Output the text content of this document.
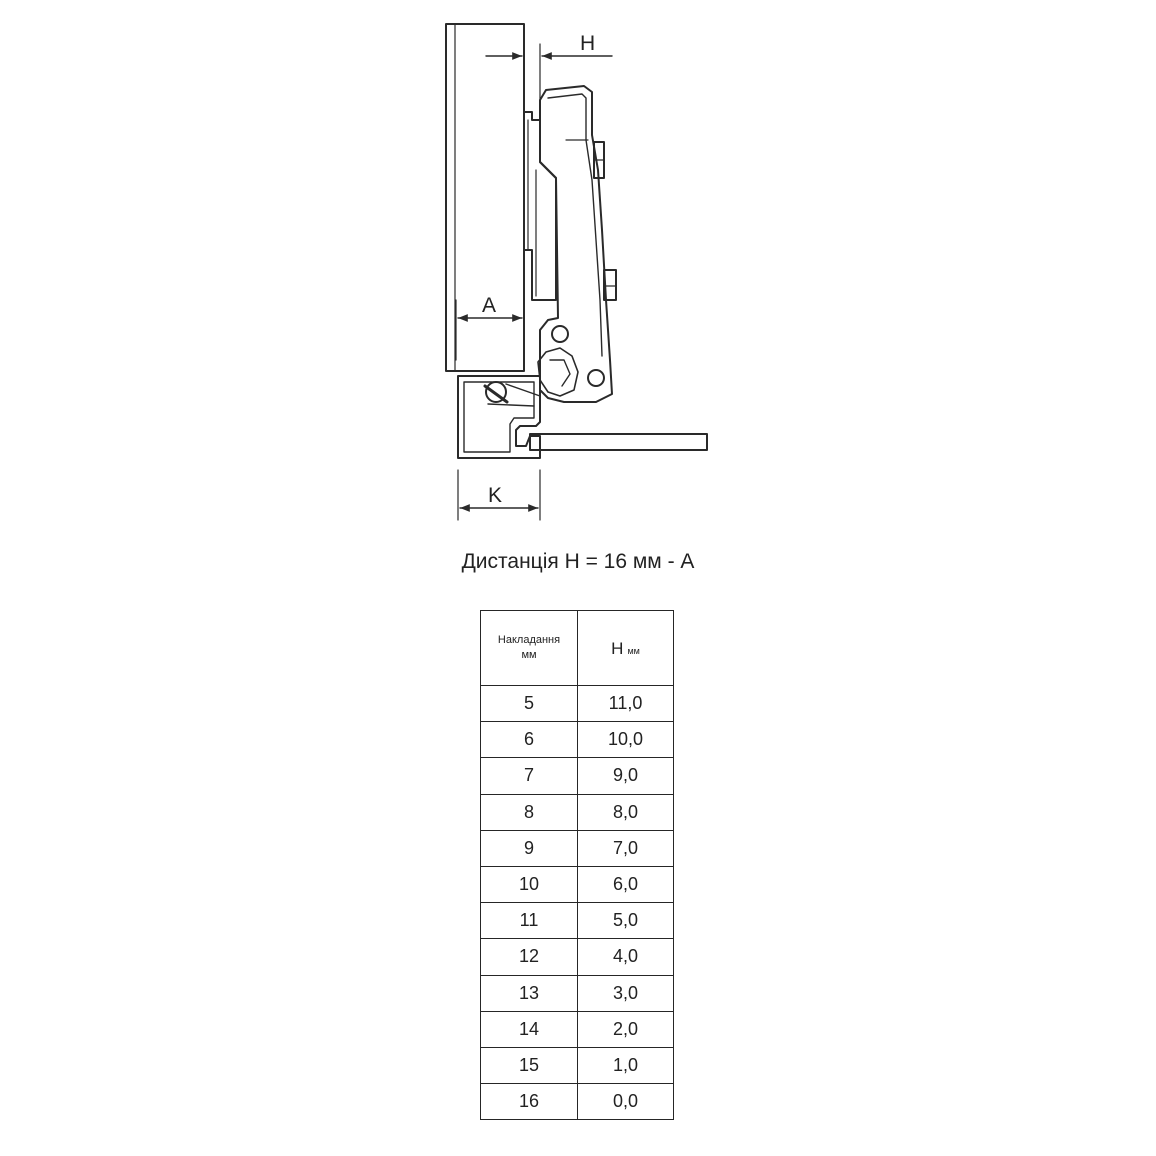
H
A
K
Дистанція H = 16 мм - А
Накладання
мм	H мм
5	11,0
6	10,0
7	9,0
8	8,0
9	7,0
10	6,0
11	5,0
12	4,0
13	3,0
14	2,0
15	1,0
16	0,0
